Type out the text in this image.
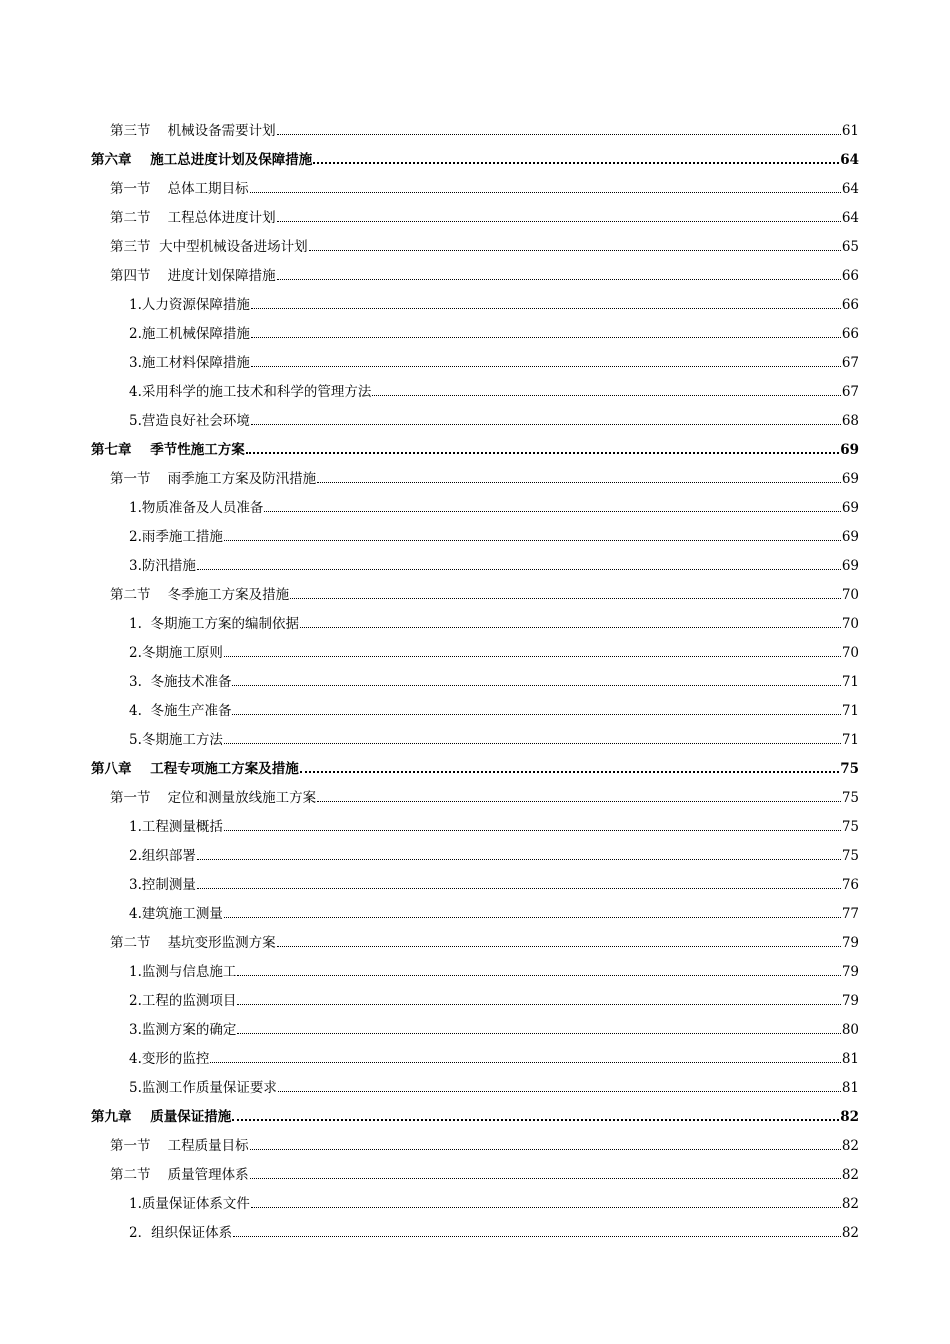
第三节    机械设备需要计划	61
第六章    施工总进度计划及保障措施	64
第一节    总体工期目标	64
第二节    工程总体进度计划	64
第三节  大中型机械设备进场计划	65
第四节    进度计划保障措施	66
1.人力资源保障措施	66
2.施工机械保障措施	66
3.施工材料保障措施	67
4.采用科学的施工技术和科学的管理方法	67
5.营造良好社会环境	68
第七章    季节性施工方案	69
第一节    雨季施工方案及防汛措施	69
1.物质准备及人员准备	69
2.雨季施工措施	69
3.防汛措施	69
第二节    冬季施工方案及措施	70
1.  冬期施工方案的编制依据	70
2.冬期施工原则	70
3.  冬施技术准备	71
4.  冬施生产准备	71
5.冬期施工方法	71
第八章    工程专项施工方案及措施	75
第一节    定位和测量放线施工方案	75
1.工程测量概括	75
2.组织部署	75
3.控制测量	76
4.建筑施工测量	77
第二节    基坑变形监测方案	79
1.监测与信息施工	79
2.工程的监测项目	79
3.监测方案的确定	80
4.变形的监控	81
5.监测工作质量保证要求	81
第九章    质量保证措施	82
第一节    工程质量目标	82
第二节    质量管理体系	82
1.质量保证体系文件	82
2．组织保证体系	82
